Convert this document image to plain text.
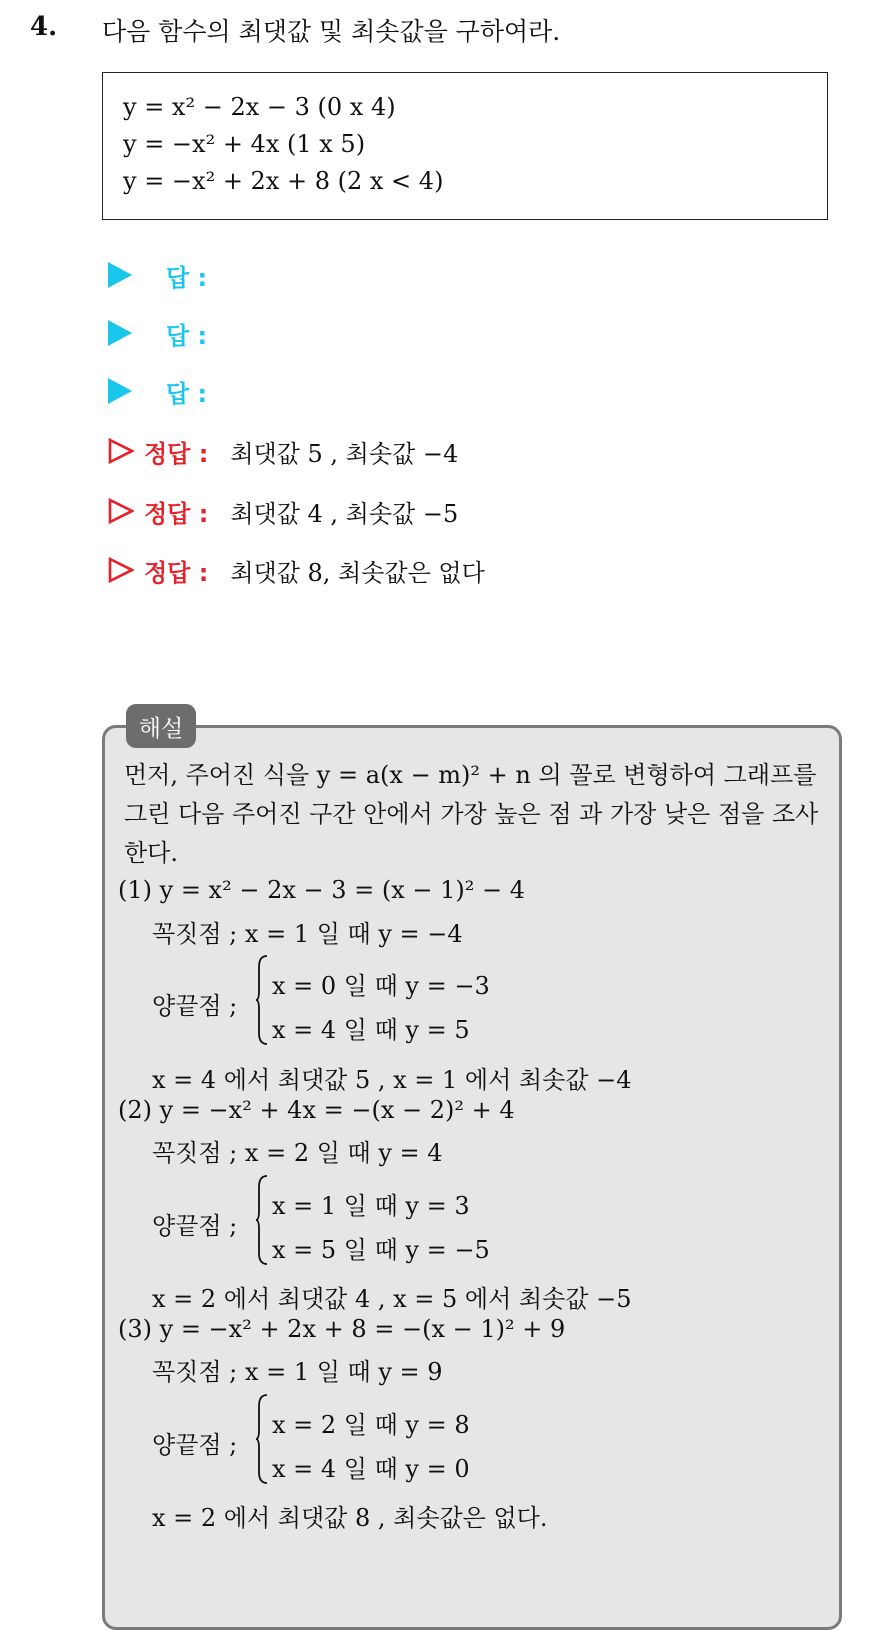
4. 다음 함수의 최댓값 및 최솟값을 구하여라.
y = x² − 2x − 3 (0 x 4)
y = −x² + 4x (1 x 5)
y = −x² + 2x + 8 (2 x < 4)
답 :
답 :
답 :
정답 : 최댓값 5 , 최솟값 −4
정답 : 최댓값 4 , 최솟값 −5
정답 : 최댓값 8, 최솟값은 없다
해설
먼저, 주어진 식을 y = a(x − m)² + n 의 꼴로 변형하여 그래프를 그린 다음 주어진 구간 안에서 가장 높은 점 과 가장 낮은 점을 조사한다.
(1) y = x² − 2x − 3 = (x − 1)² − 4
꼭짓점 ; x = 1 일 때 y = −4
양끝점 ;
x = 0 일 때 y = −3
x = 4 일 때 y = 5
x = 4 에서 최댓값 5 , x = 1 에서 최솟값 −4
(2) y = −x² + 4x = −(x − 2)² + 4
꼭짓점 ; x = 2 일 때 y = 4
양끝점 ;
x = 1 일 때 y = 3
x = 5 일 때 y = −5
x = 2 에서 최댓값 4 , x = 5 에서 최솟값 −5
(3) y = −x² + 2x + 8 = −(x − 1)² + 9
꼭짓점 ; x = 1 일 때 y = 9
양끝점 ;
x = 2 일 때 y = 8
x = 4 일 때 y = 0
x = 2 에서 최댓값 8 , 최솟값은 없다.
